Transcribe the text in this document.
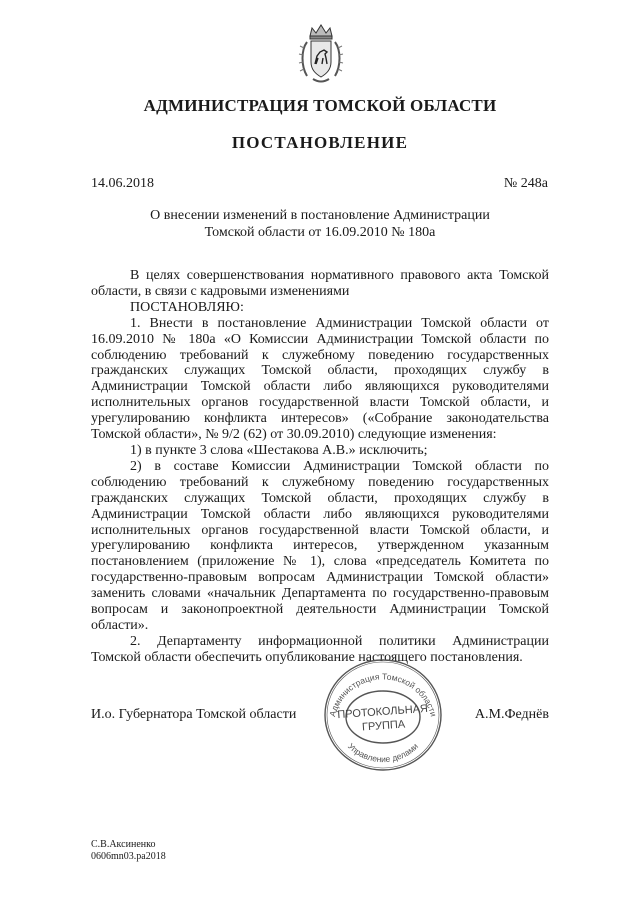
АДМИНИСТРАЦИЯ ТОМСКОЙ ОБЛАСТИ
ПОСТАНОВЛЕНИЕ
14.06.2018	№ 248а
О внесении изменений в постановление Администрации
Томской области от 16.09.2010 № 180а

В целях совершенствования нормативного правового акта Томской области, в связи с кадровыми изменениями

ПОСТАНОВЛЯЮ:

1. Внести в постановление Администрации Томской области от 16.09.2010 № 180а «О Комиссии Администрации Томской области по соблюдению требований к служебному поведению государственных гражданских служащих Томской области, проходящих службу в Администрации Томской области либо являющихся руководителями исполнительных органов государственной власти Томской области, и урегулированию конфликта интересов» («Собрание законодательства Томской области», № 9/2 (62) от 30.09.2010) следующие изменения:

1) в пункте 3 слова «Шестакова А.В.» исключить;

2) в составе Комиссии Администрации Томской области по соблюдению требований к служебному поведению государственных гражданских служащих Томской области, проходящих службу в Администрации Томской области либо являющихся руководителями исполнительных органов государственной власти Томской области, и урегулированию конфликта интересов, утвержденном указанным постановлением (приложение № 1), слова «председатель Комитета по государственно-правовым вопросам Администрации Томской области» заменить словами «начальник Департамента по государственно-правовым вопросам и законопроектной деятельности Администрации Томской области».

2. Департаменту информационной политики Администрации Томской области обеспечить опубликование настоящего постановления.

И.о. Губернатора Томской области	А.М.Феднёв
Администрация Томской области
Управление делами
ПРОТОКОЛЬНАЯ
ГРУППА
С.В.Аксиненко
0606mn03.ра2018
